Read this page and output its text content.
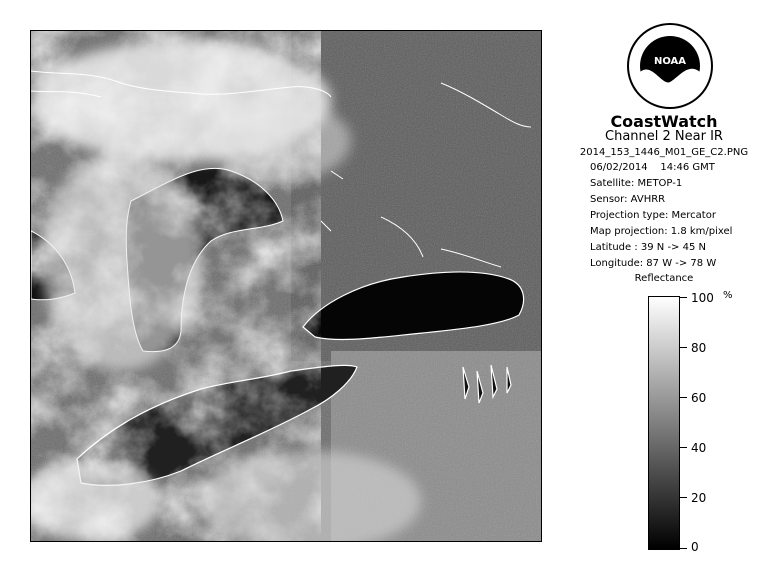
NOAA
CoastWatch
Channel 2 Near IR
2014_153_1446_M01_GE_C2.PNG
06/02/2014 14:46 GMT
Satellite: METOP-1
Sensor: AVHRR
Projection type: Mercator
Map projection: 1.8 km/pixel
Latitude : 39 N -> 45 N
Longitude: 87 W -> 78 W
Reflectance
%
100
80
60
40
20
0
